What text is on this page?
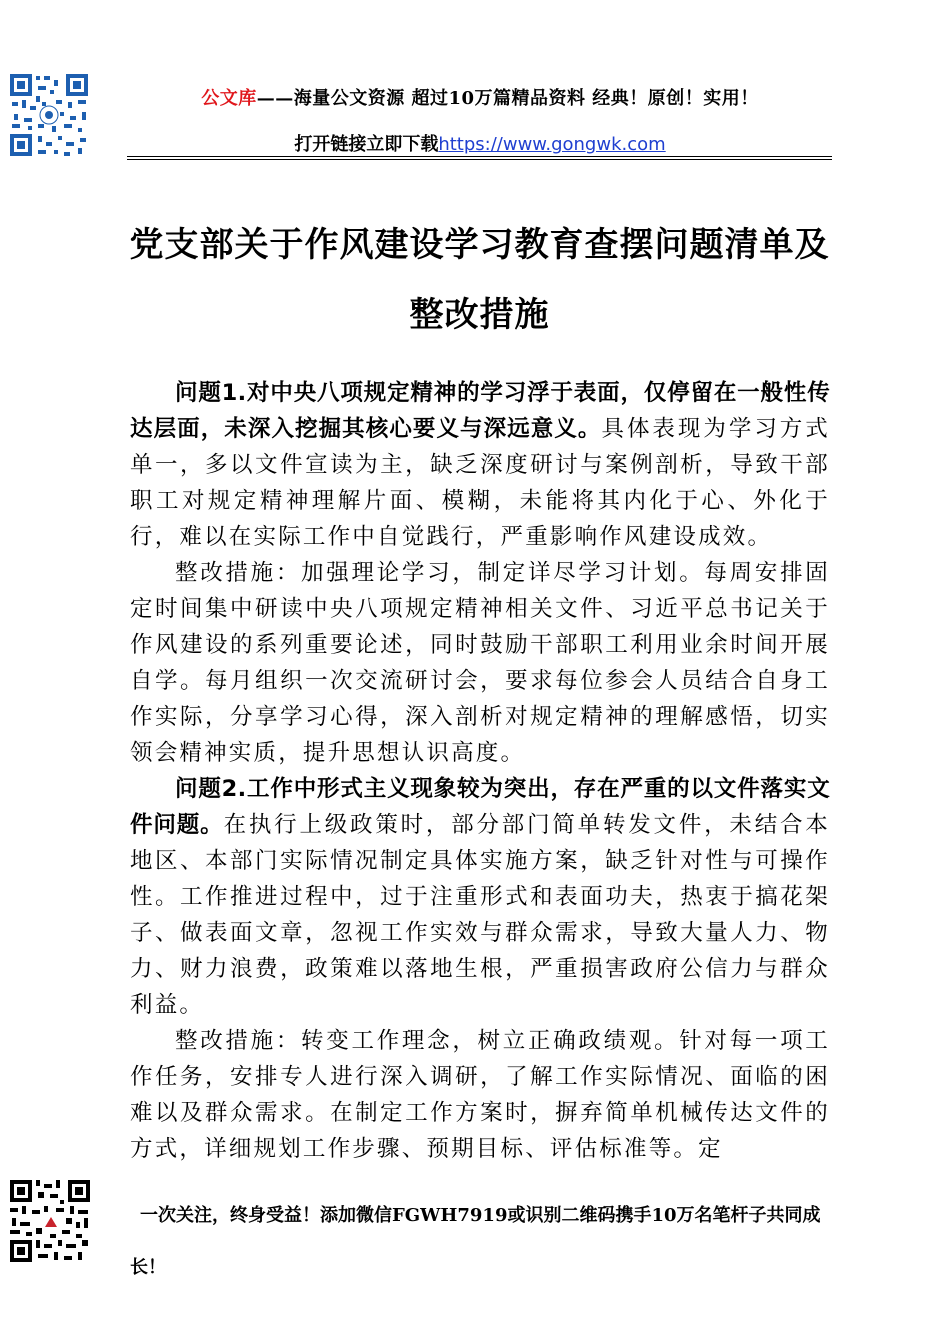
公文库——海量公文资源 超过10万篇精品资料 经典！原创！实用！
打开链接立即下载https://www.gongwk.com
党支部关于作风建设学习教育查摆问题清单及
整改措施

问题1.对中央八项规定精神的学习浮于表面，仅停留在一般性传达层面，未深入挖掘其核心要义与深远意义。具体表现为学习方式单一，多以文件宣读为主，缺乏深度研讨与案例剖析，导致干部职工对规定精神理解片面、模糊，未能将其内化于心、外化于行，难以在实际工作中自觉践行，严重影响作风建设成效。

整改措施：加强理论学习，制定详尽学习计划。每周安排固定时间集中研读中央八项规定精神相关文件、习近平总书记关于作风建设的系列重要论述，同时鼓励干部职工利用业余时间开展自学。每月组织一次交流研讨会，要求每位参会人员结合自身工作实际，分享学习心得，深入剖析对规定精神的理解感悟，切实领会精神实质，提升思想认识高度。

问题2.工作中形式主义现象较为突出，存在严重的以文件落实文件问题。在执行上级政策时，部分部门简单转发文件，未结合本地区、本部门实际情况制定具体实施方案，缺乏针对性与可操作性。工作推进过程中，过于注重形式和表面功夫，热衷于搞花架子、做表面文章，忽视工作实效与群众需求，导致大量人力、物力、财力浪费，政策难以落地生根，严重损害政府公信力与群众利益。

整改措施：转变工作理念，树立正确政绩观。针对每一项工作任务，安排专人进行深入调研，了解工作实际情况、面临的困难以及群众需求。在制定工作方案时，摒弃简单机械传达文件的方式，详细规划工作步骤、预期目标、评估标准等。定

一次关注，终身受益！添加微信FGWH7919或识别二维码携手10万名笔杆子共同成长！
